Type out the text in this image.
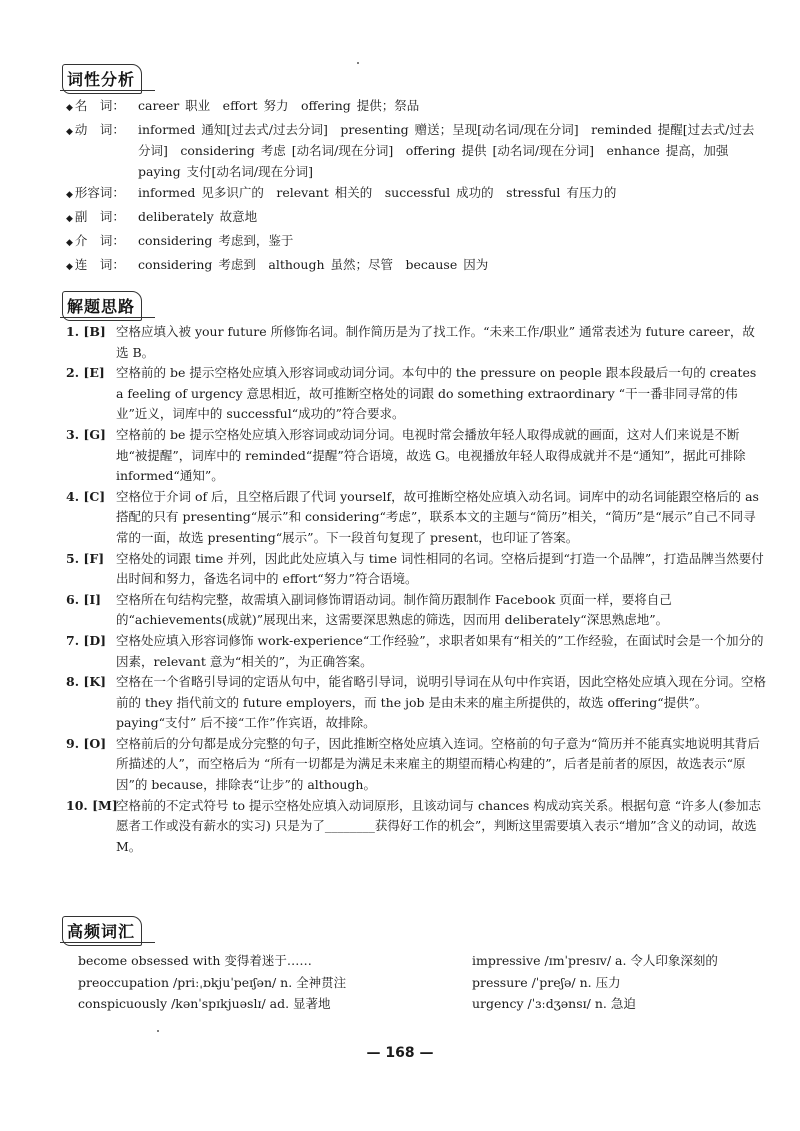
词性分析
◆ 名　词：	career 职业　effort 努力　offering 提供；祭品
◆ 动　词：	informed 通知[过去式/过去分词]　presenting 赠送；呈现[动名词/现在分词]　reminded 提醒[过去式/过去分词]　considering 考虑 [动名词/现在分词]　offering 提供 [动名词/现在分词]　enhance 提高，加强　paying 支付[动名词/现在分词]
◆ 形容词：	informed 见多识广的　relevant 相关的　successful 成功的　stressful 有压力的
◆ 副　词：	deliberately 故意地
◆ 介　词：	considering 考虑到，鉴于
◆ 连　词：	considering 考虑到　although 虽然；尽管　because 因为
解题思路
1. [B] 空格应填入被 your future 所修饰名词。制作简历是为了找工作。“未来工作/职业” 通常表述为 future career，故选 B。
2. [E] 空格前的 be 提示空格处应填入形容词或动词分词。本句中的 the pressure on people 跟本段最后一句的 creates a feeling of urgency 意思相近，故可推断空格处的词跟 do something extraordinary “干一番非同寻常的伟业”近义，词库中的 successful“成功的”符合要求。
3. [G] 空格前的 be 提示空格处应填入形容词或动词分词。电视时常会播放年轻人取得成就的画面，这对人们来说是不断地“被提醒”，词库中的 reminded“提醒”符合语境，故选 G。电视播放年轻人取得成就并不是“通知”，据此可排除 informed“通知”。
4. [C] 空格位于介词 of 后，且空格后跟了代词 yourself，故可推断空格处应填入动名词。词库中的动名词能跟空格后的 as 搭配的只有 presenting“展示”和 considering“考虑”，联系本文的主题与“简历”相关，“简历”是“展示”自己不同寻常的一面，故选 presenting“展示”。下一段首句复现了 present，也印证了答案。
5. [F] 空格处的词跟 time 并列，因此此处应填入与 time 词性相同的名词。空格后提到“打造一个品牌”，打造品牌当然要付出时间和努力，备选名词中的 effort“努力”符合语境。
6. [I]	空格所在句结构完整，故需填入副词修饰谓语动词。制作简历跟制作 Facebook 页面一样，要将自己的“achievements(成就)”展现出来，这需要深思熟虑的筛选，因而用 deliberately“深思熟虑地”。
7. [D] 空格处应填入形容词修饰 work-experience“工作经验”，求职者如果有“相关的”工作经验，在面试时会是一个加分的因素，relevant 意为“相关的”，为正确答案。
8. [K] 空格在一个省略引导词的定语从句中，能省略引导词，说明引导词在从句中作宾语，因此空格处应填入现在分词。空格前的 they 指代前文的 future employers，而 the job 是由未来的雇主所提供的，故选 offering“提供”。paying“支付” 后不接“工作”作宾语，故排除。
9. [O] 空格前后的分句都是成分完整的句子，因此推断空格处应填入连词。空格前的句子意为“简历并不能真实地说明其背后所描述的人”，而空格后为 “所有一切都是为满足未来雇主的期望而精心构建的”，后者是前者的原因，故选表示“原因”的 because，排除表“让步”的 although。
10. [M]
空格前的不定式符号 to 提示空格处应填入动词原形，且该动词与 chances 构成动宾关系。根据句意 “许多人(参加志愿者工作或没有薪水的实习) 只是为了________获得好工作的机会”，判断这里需要填入表示“增加”含义的动词，故选 M。
高频词汇
become obsessed with 变得着迷于……
preoccupation /priːˌɒkjuˈpeɪʃən/ n. 全神贯注
conspicuously /kənˈspɪkjuəslɪ/ ad. 显著地
impressive /ɪmˈpresɪv/ a. 令人印象深刻的
pressure /ˈpreʃə/ n. 压力
urgency /ˈɜːdʒənsɪ/ n. 急迫
— 168 —
